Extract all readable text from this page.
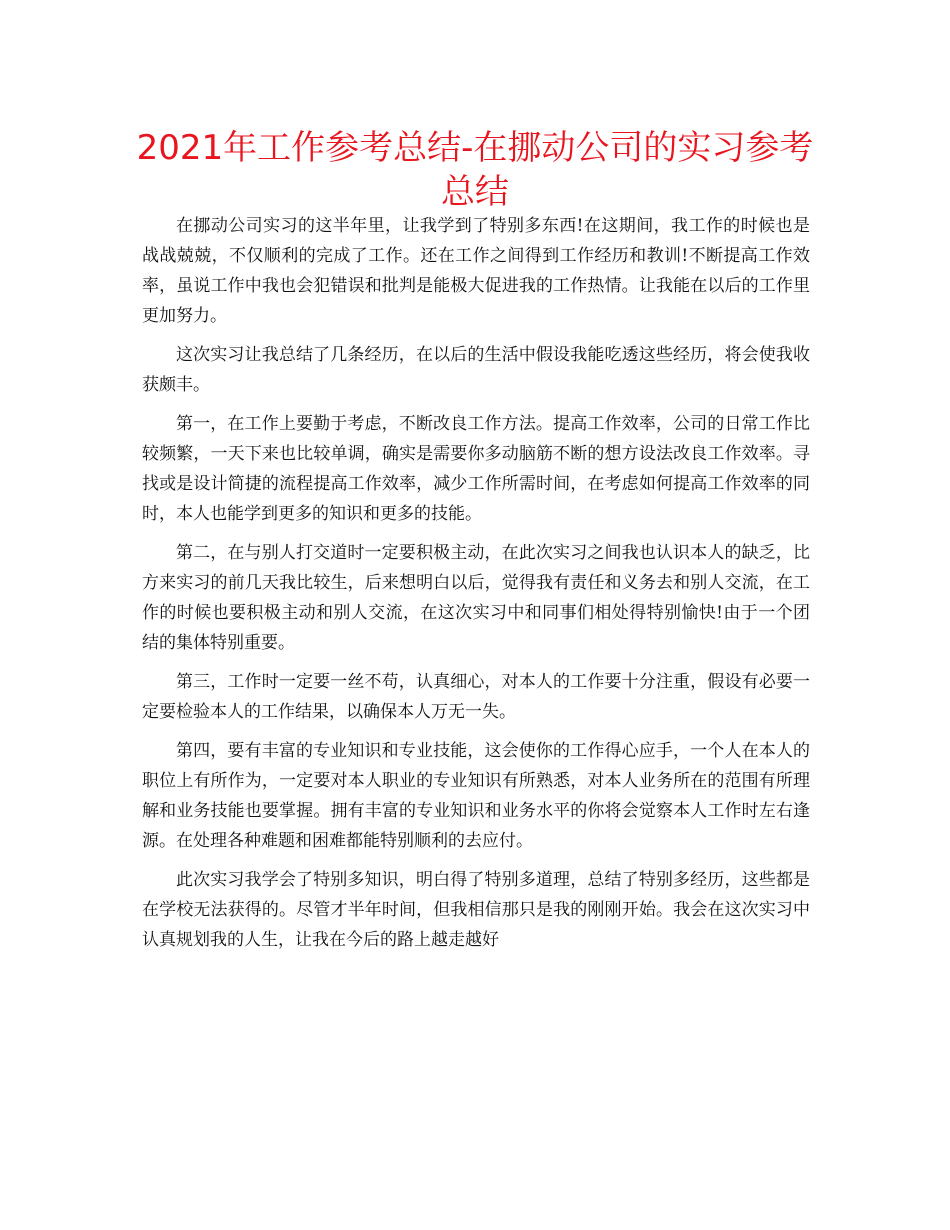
2021年工作参考总结-在挪动公司的实习参考总结

在挪动公司实习的这半年里，让我学到了特别多东西!在这期间，我工作的时候也是战战兢兢，不仅顺利的完成了工作。还在工作之间得到工作经历和教训!不断提高工作效率，虽说工作中我也会犯错误和批判是能极大促进我的工作热情。让我能在以后的工作里更加努力。

这次实习让我总结了几条经历，在以后的生活中假设我能吃透这些经历，将会使我收获颇丰。

第一，在工作上要勤于考虑，不断改良工作方法。提高工作效率，公司的日常工作比较频繁，一天下来也比较单调，确实是需要你多动脑筋不断的想方设法改良工作效率。寻找或是设计简捷的流程提高工作效率，减少工作所需时间，在考虑如何提高工作效率的同时，本人也能学到更多的知识和更多的技能。

第二，在与别人打交道时一定要积极主动，在此次实习之间我也认识本人的缺乏，比方来实习的前几天我比较生，后来想明白以后，觉得我有责任和义务去和别人交流，在工作的时候也要积极主动和别人交流，在这次实习中和同事们相处得特别愉快!由于一个团结的集体特别重要。

第三，工作时一定要一丝不苟，认真细心，对本人的工作要十分注重，假设有必要一定要检验本人的工作结果，以确保本人万无一失。

第四，要有丰富的专业知识和专业技能，这会使你的工作得心应手，一个人在本人的职位上有所作为，一定要对本人职业的专业知识有所熟悉，对本人业务所在的范围有所理解和业务技能也要掌握。拥有丰富的专业知识和业务水平的你将会觉察本人工作时左右逢源。在处理各种难题和困难都能特别顺利的去应付。

此次实习我学会了特别多知识，明白得了特别多道理，总结了特别多经历，这些都是在学校无法获得的。尽管才半年时间，但我相信那只是我的刚刚开始。我会在这次实习中认真规划我的人生，让我在今后的路上越走越好
